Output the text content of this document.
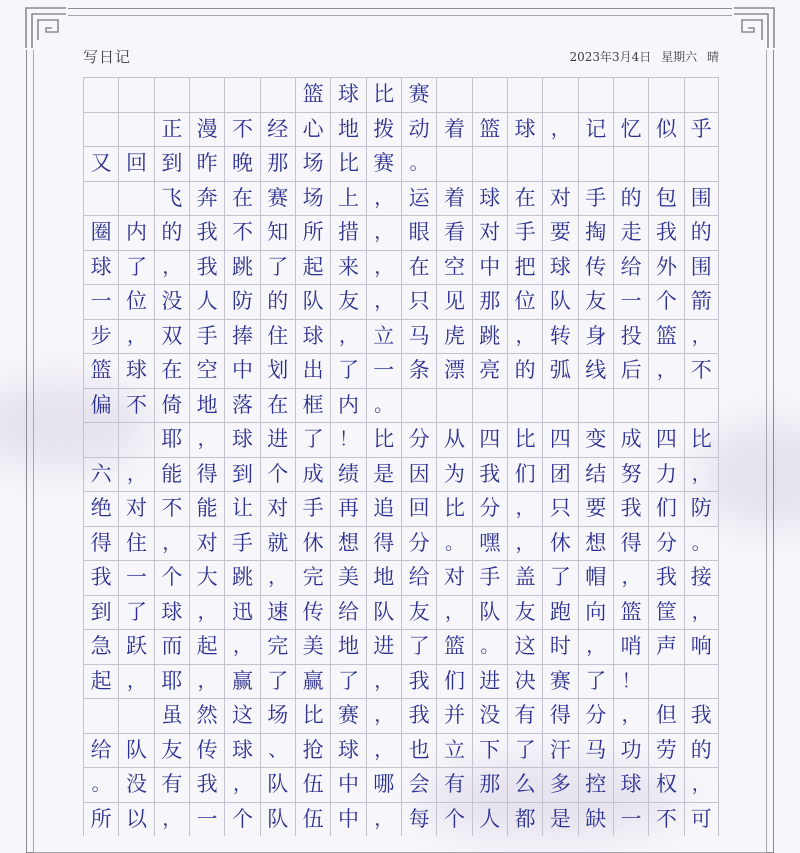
写日记	2023年3月4日 星期六 晴
篮 球 比 赛
正 漫 不 经 心 地 拨 动 着 篮 球 ， 记 忆 似 乎
又 回 到 昨 晚 那 场 比 赛 。
飞 奔 在 赛 场 上 ， 运 着 球 在 对 手 的 包 围
圈 内 的 我 不 知 所 措 ， 眼 看 对 手 要 掏 走 我 的
球 了 ， 我 跳 了 起 来 ， 在 空 中 把 球 传 给 外 围
一 位 没 人 防 的 队 友 ， 只 见 那 位 队 友 一 个 箭
步 ， 双 手 捧 住 球 ， 立 马 虎 跳 ， 转 身 投 篮 ，
篮 球 在 空 中 划 出 了 一 条 漂 亮 的 弧 线 后 ， 不
偏 不 倚 地 落 在 框 内 。
耶 ， 球 进 了 ！ 比 分 从 四 比 四 变 成 四 比
六 ， 能 得 到 个 成 绩 是 因 为 我 们 团 结 努 力 ，
绝 对 不 能 让 对 手 再 追 回 比 分 ， 只 要 我 们 防
得 住 ， 对 手 就 休 想 得 分 。 嘿 ， 休 想 得 分 。
我 一 个 大 跳 ， 完 美 地 给 对 手 盖 了 帽 ， 我 接
到 了 球 ， 迅 速 传 给 队 友 ， 队 友 跑 向 篮 筐 ，
急 跃 而 起 ， 完 美 地 进 了 篮 。 这 时 ， 哨 声 响
起 ， 耶 ， 赢 了 赢 了 ， 我 们 进 决 赛 了 ！
虽 然 这 场 比 赛 ， 我 并 没 有 得 分 ， 但 我
给 队 友 传 球 、 抢 球 ， 也 立 下 了 汗 马 功 劳 的
。 没 有 我 ， 队 伍 中 哪 会 有 那 么 多 控 球 权 ，
所 以 ， 一 个 队 伍 中 ， 每 个 人 都 是 缺 一 不 可
